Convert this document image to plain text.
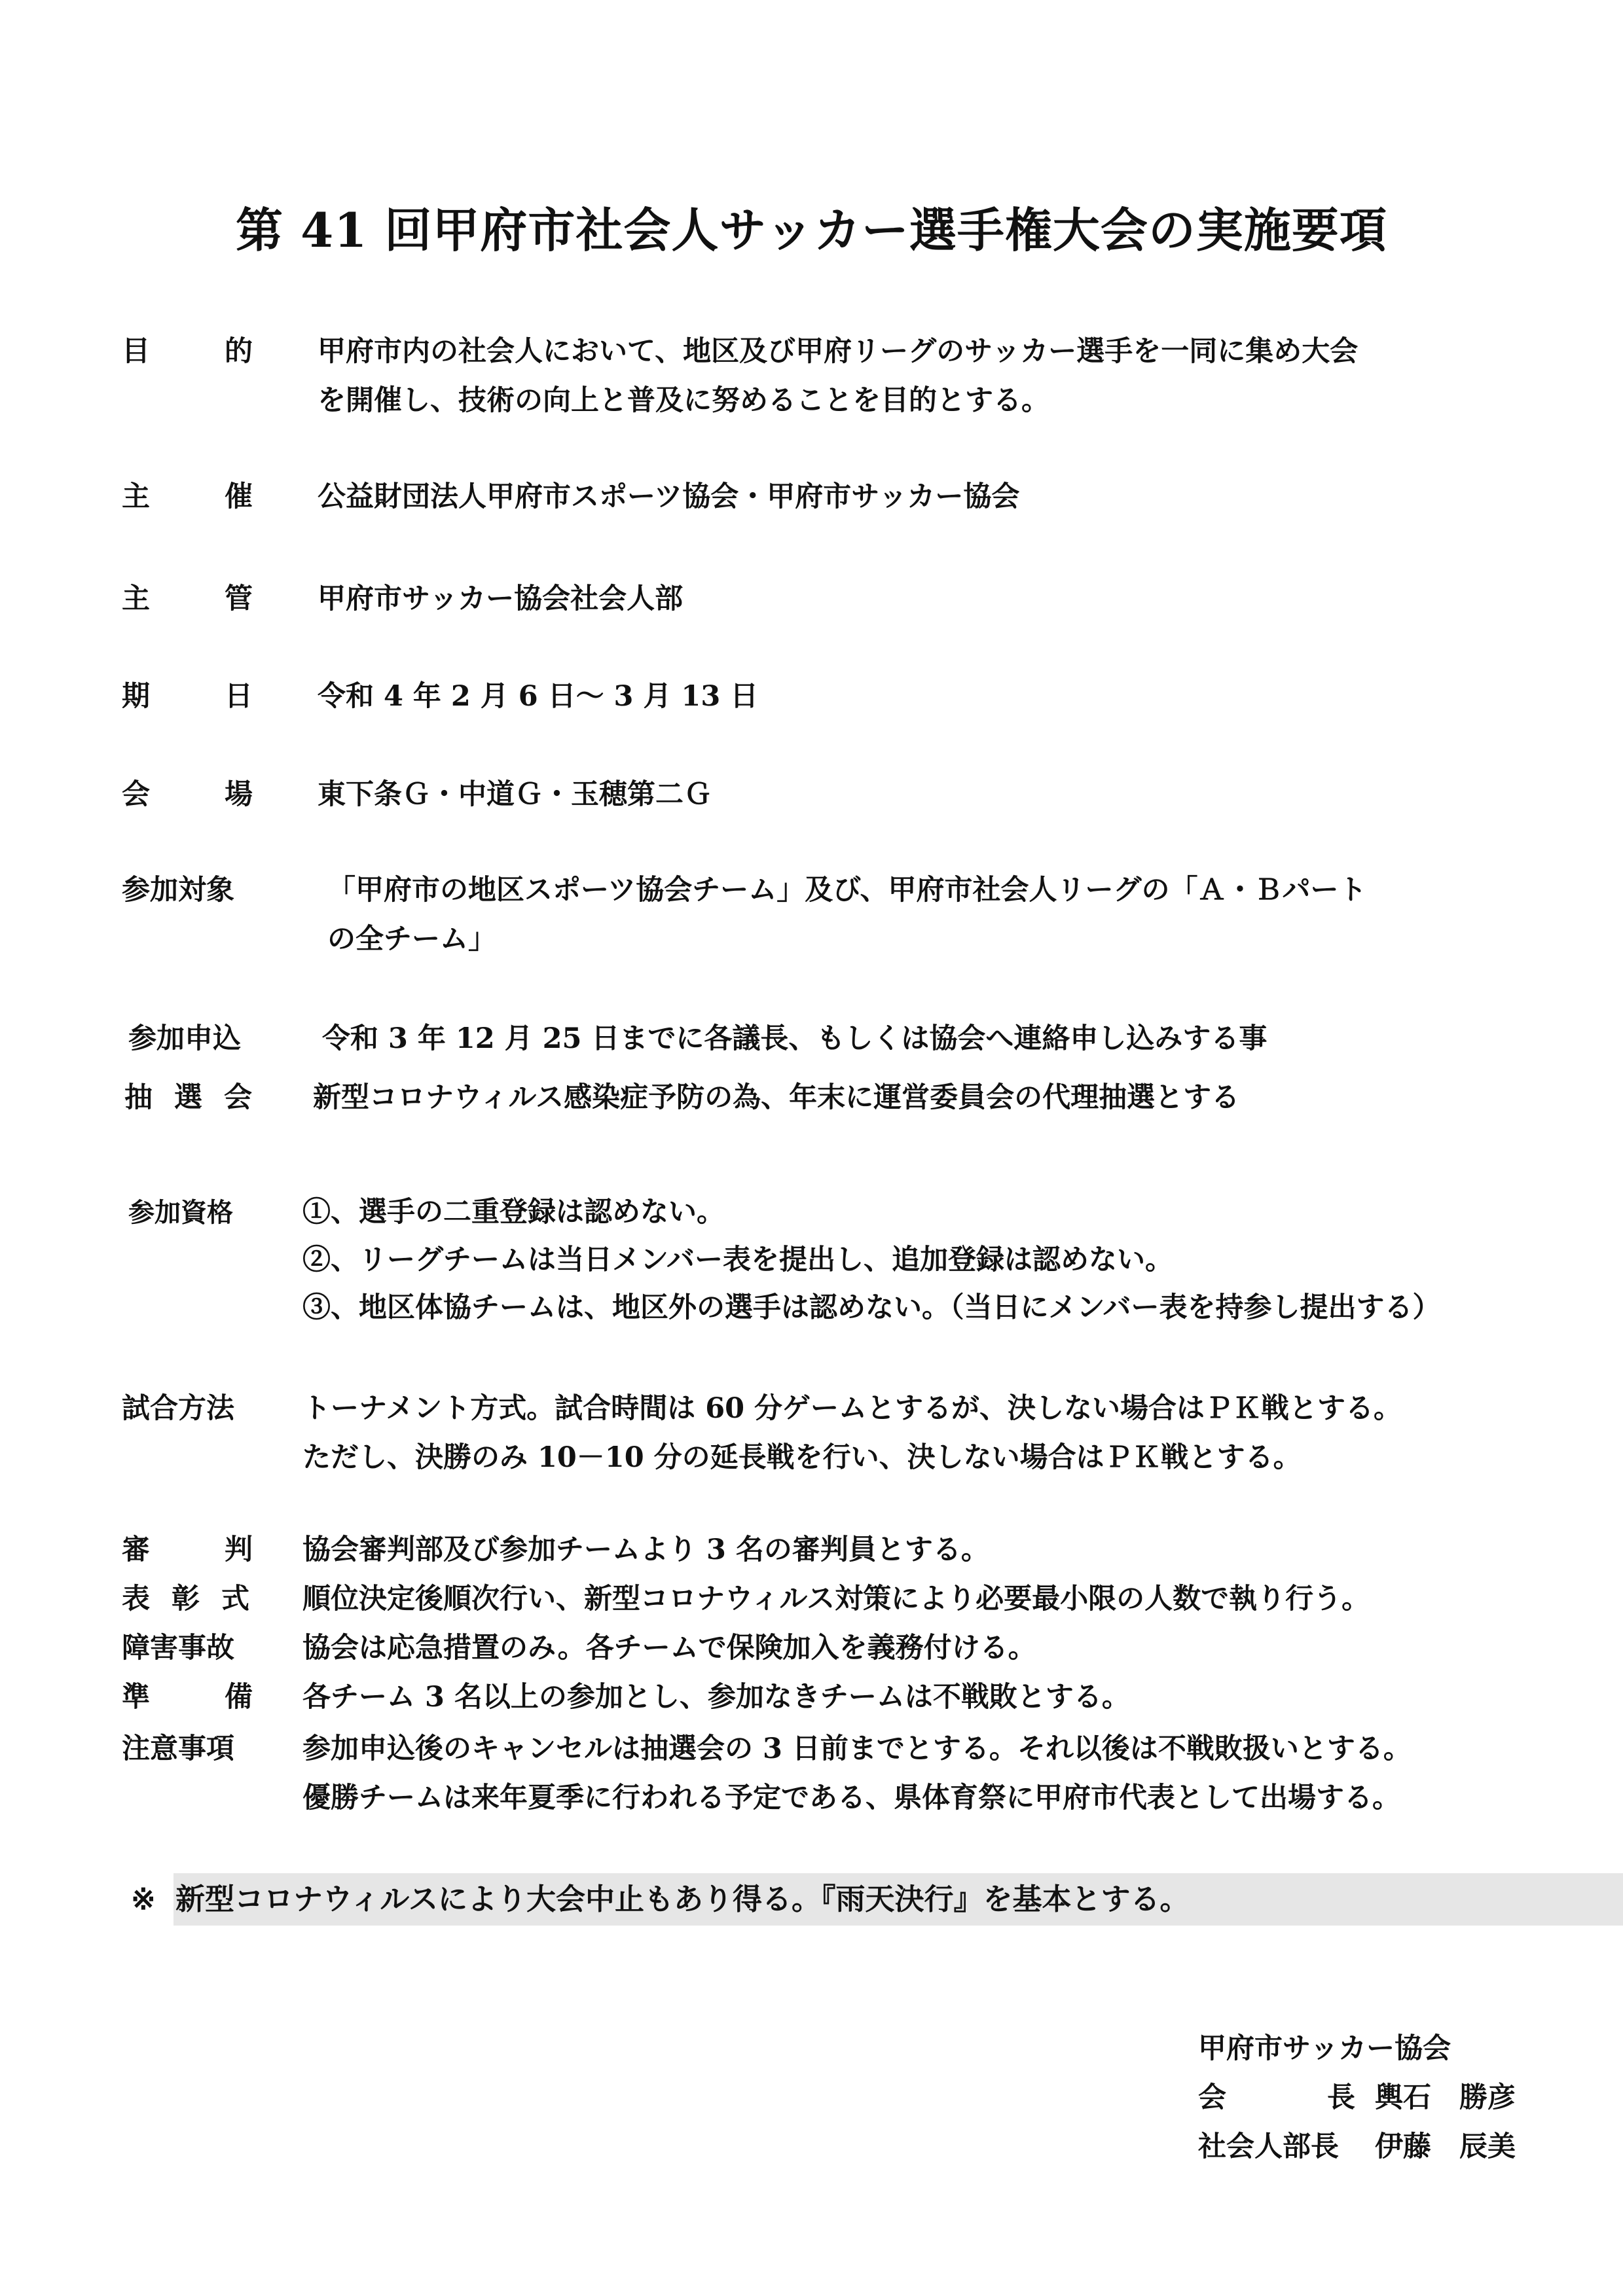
第 41 回甲府市社会人サッカー選手権大会の実施要項
目	的 甲府市内の社会人において、地区及び甲府リーグのサッカー選手を一同に集め大会
を開催し、技術の向上と普及に努めることを目的とする。
主	催 公益財団法人甲府市スポーツ協会・甲府市サッカー協会
主	管 甲府市サッカー協会社会人部
期	日 令和 4 年 2 月 6 日～ 3 月 13 日
会	場 東下条Ｇ・中道Ｇ・玉穂第二Ｇ
参加対象	「甲府市の地区スポーツ協会チーム」及び、甲府市社会人リーグの「Ａ・Ｂパート
の全チーム」
参加申込	令和 3 年 12 月 25 日までに各議長、もしくは協会へ連絡申し込みする事
抽 選 会 新型コロナウィルス感染症予防の為、年末に運営委員会の代理抽選とする
参加資格	①、選手の二重登録は認めない。
②、リーグチームは当日メンバー表を提出し、追加登録は認めない。
③、地区体協チームは、地区外の選手は認めない。（当日にメンバー表を持参し提出する）
試合方法	トーナメント方式。試合時間は 60 分ゲームとするが、決しない場合はＰＫ戦とする。
ただし、決勝のみ 10－10 分の延長戦を行い、決しない場合はＰＫ戦とする。
審	判 協会審判部及び参加チームより 3 名の審判員とする。
表 彰 式 順位決定後順次行い、新型コロナウィルス対策により必要最小限の人数で執り行う。
障害事故	協会は応急措置のみ。各チームで保険加入を義務付ける。
準	備 各チーム 3 名以上の参加とし、参加なきチームは不戦敗とする。
注意事項	参加申込後のキャンセルは抽選会の 3 日前までとする。それ以後は不戦敗扱いとする。
優勝チームは来年夏季に行われる予定である、県体育祭に甲府市代表として出場する。
※ 新型コロナウィルスにより大会中止もあり得る。『雨天決行』を基本とする。
甲府市サッカー協会
会	長 輿石　勝彦
社会人部長 伊藤　辰美
